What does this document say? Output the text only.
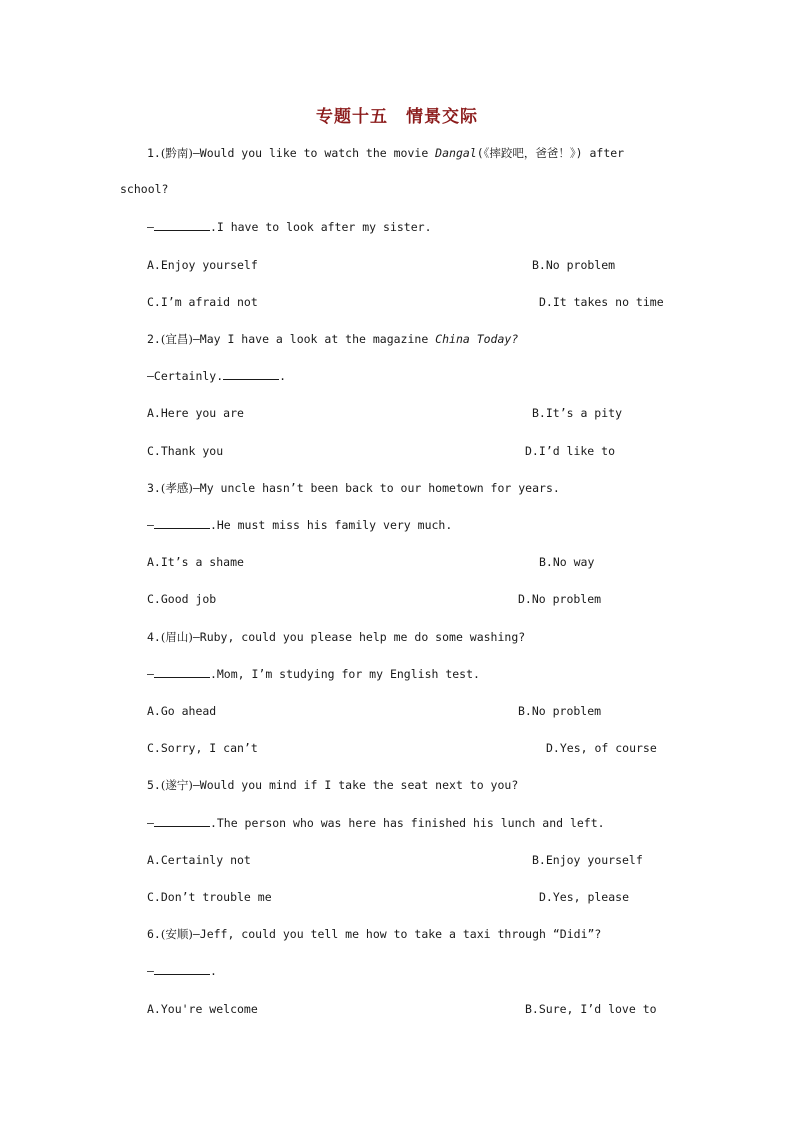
专题十五 情景交际
1.(黔南)—Would you like to watch the movie Dangal(《摔跤吧，爸爸！》) after
school?
—	.I have to look after my sister.
A.Enjoy yourself	B.No problem
C.I’m afraid not	D.It takes no time
2.(宜昌)—May I have a look at the magazine China Today?
—Certainly.	.
A.Here you are	B.It’s a pity
C.Thank you	D.I’d like to
3.(孝感)—My uncle hasn’t been back to our hometown for years.
—	.He must miss his family very much.
A.It’s a shame	B.No way
C.Good job	D.No problem
4.(眉山)—Ruby, could you please help me do some washing?
—	.Mom, I’m studying for my English test.
A.Go ahead	B.No problem
C.Sorry, I can’t	D.Yes, of course
5.(遂宁)—Would you mind if I take the seat next to you?
—	.The person who was here has finished his lunch and left.
A.Certainly not	B.Enjoy yourself
C.Don’t trouble me	D.Yes, please
6.(安顺)—Jeff, could you tell me how to take a taxi through “Didi”?
—	.
A.You're welcome	B.Sure, I’d love to
